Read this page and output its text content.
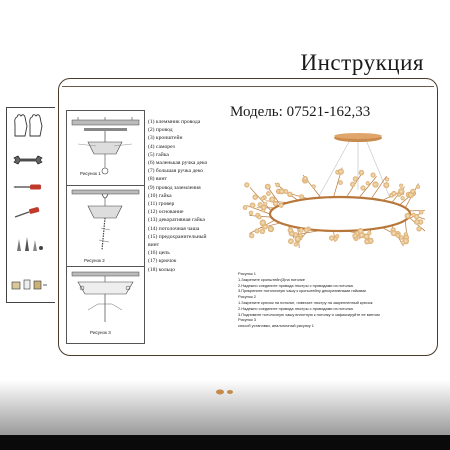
Инструкция
Рисунок 1
Рисунок 2
Рисунок 3
(1) клеммник провода
(2) провод
(3) кронштейн
(4) саморез
(5) гайка
(6) маленькая ручка деко
(7) большая ручка деко
(8) винт
(9) провод заземления
(10) гайка
(11) гровер
(12) основание
(13) декоративная гайка
(14) потолочная чаша
(15) предохранительный
винт
(16) цепь
(17) крючок
(18) кольцо
Модель: 07521-162,33
Рисунок 1
1.Закрепите кронштейн(3)на потолке
2.Надежно соедините провода люстры с проводами из потолка
3.Прикрепите потолочную чашу к кронштейну декоративными гайками
Рисунок 2
1.Закрепите крючок на потолке, повесьте люстру на закрепленный крючок
2.Надежно соедините провода люстры с проводами из потолка
3.Поднимите потолочную чашу вплотную к потолку и зафиксируйте ее винтом
Рисунок 3
способ установки, аналогичный рисунку 1
